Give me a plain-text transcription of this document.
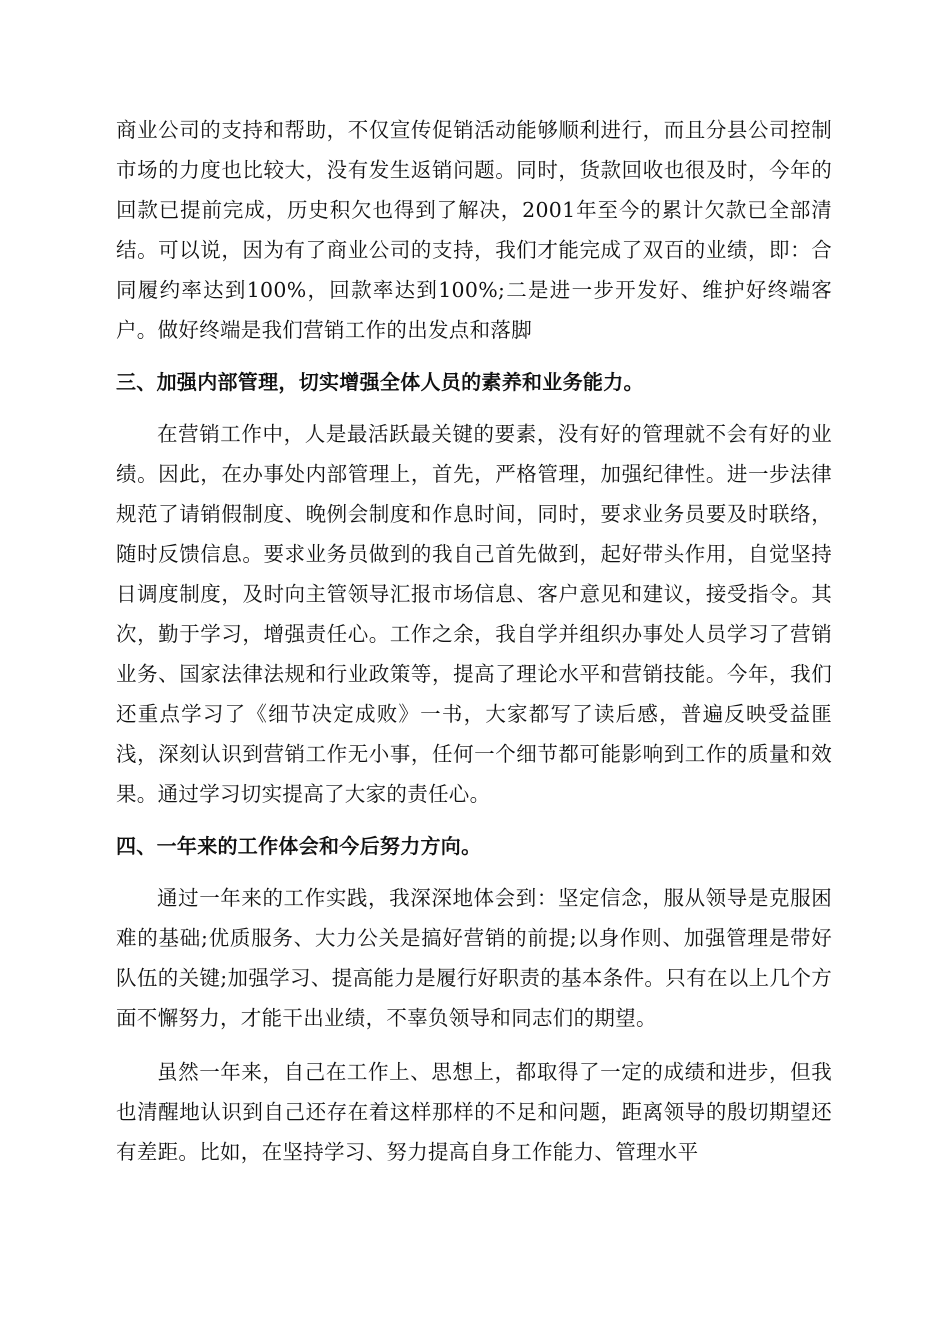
商业公司的支持和帮助，不仅宣传促销活动能够顺利进行，而且分县公司控制市场的力度也比较大，没有发生返销问题。同时，货款回收也很及时，今年的回款已提前完成，历史积欠也得到了解决，2001年至今的累计欠款已全部清结。可以说，因为有了商业公司的支持，我们才能完成了双百的业绩，即：合同履约率达到100%，回款率达到100%;二是进一步开发好、维护好终端客户。做好终端是我们营销工作的出发点和落脚

三、加强内部管理，切实增强全体人员的素养和业务能力。

在营销工作中，人是最活跃最关键的要素，没有好的管理就不会有好的业绩。因此，在办事处内部管理上，首先，严格管理，加强纪律性。进一步法律规范了请销假制度、晚例会制度和作息时间，同时，要求业务员要及时联络，随时反馈信息。要求业务员做到的我自己首先做到，起好带头作用，自觉坚持日调度制度，及时向主管领导汇报市场信息、客户意见和建议，接受指令。其次，勤于学习，增强责任心。工作之余，我自学并组织办事处人员学习了营销业务、国家法律法规和行业政策等，提高了理论水平和营销技能。今年，我们还重点学习了《细节决定成败》一书，大家都写了读后感，普遍反映受益匪浅，深刻认识到营销工作无小事，任何一个细节都可能影响到工作的质量和效果。通过学习切实提高了大家的责任心。

四、一年来的工作体会和今后努力方向。

通过一年来的工作实践，我深深地体会到：坚定信念，服从领导是克服困难的基础;优质服务、大力公关是搞好营销的前提;以身作则、加强管理是带好队伍的关键;加强学习、提高能力是履行好职责的基本条件。只有在以上几个方面不懈努力，才能干出业绩，不辜负领导和同志们的期望。

虽然一年来，自己在工作上、思想上，都取得了一定的成绩和进步，但我也清醒地认识到自己还存在着这样那样的不足和问题，距离领导的殷切期望还有差距。比如，在坚持学习、努力提高自身工作能力、管理水平
